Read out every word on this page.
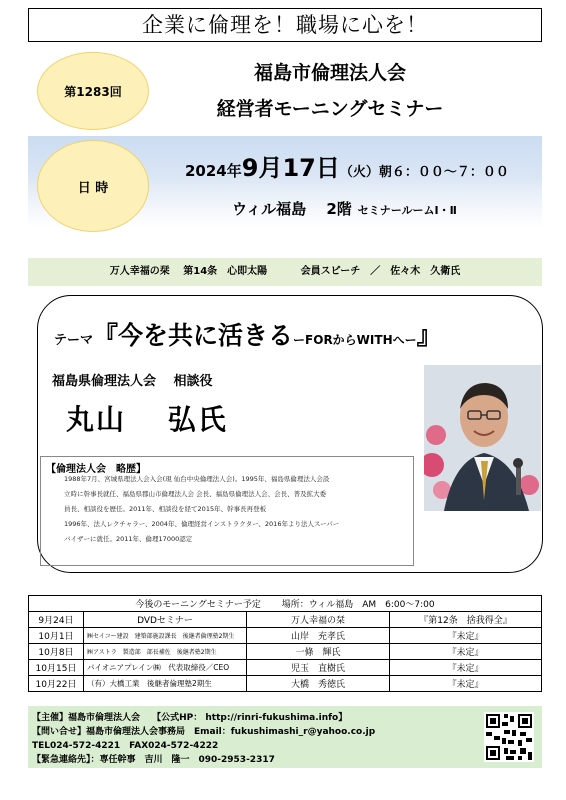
企業に倫理を！職場に心を！
第1283回
福島市倫理法人会
経営者モーニングセミナー
日 時
2024年9月17日（火）朝６：００～７：００
ウィル福島　 2階 セミナールームⅠ・Ⅱ
万人幸福の栞　 第14条　心即太陽　　 　会員スピーチ　／　佐々木　久衛氏
テーマ『今を共に活きるーFORからWITHへー』
福島県倫理法人会　 相談役
丸山　 弘氏
【倫理法人会　略歴】
1988年7月、宮城県理法人会入会(現 仙台中央倫理法人会)。1995年、福島県倫理法人会設
立時に幹事長就任、福島県郡山市倫理法人会 会長、福島県倫理法人会、会長、普及拡大委
員長、相談役を歴任。2011年、相談役を経て2015年、幹事長再登板
1996年、法人レクチャラー、2004年、倫理経営インストラクター、2016年より法人スーパー
バイザーに就任。2011年、倫理17000認定
今後のモーニングセミナー予定　　 場所：ウィル福島　AM　6:00～7:00			
9月24日	DVDセミナー	万人幸福の栞	『第12条　捨我得全』
10月1日	㈱セイコー建設　建築部施設課長　後継者倫理塾2期生	山岸　充孝氏	『未定』
10月8日	㈱アストラ　製造部　部長補佐　後継者塾2期生	一條　輝氏	『未定』
10月15日	パイオニアプレイン㈱　代表取締役／CEO	児玉　直樹氏	『未定』
10月22日	（有）大橋工業　後継者倫理塾2期生	大橋　秀徳氏	『未定』
【主催】福島市倫理法人会　 【公式HP： http://rinri-fukushima.info】
【問い合せ】福島市倫理法人会事務局　Email：fukushimashi_r@yahoo.co.jp
TEL024-572-4221　FAX024-572-4222
【緊急連絡先】：専任幹事　吉川　隆一　090-2953-2317
